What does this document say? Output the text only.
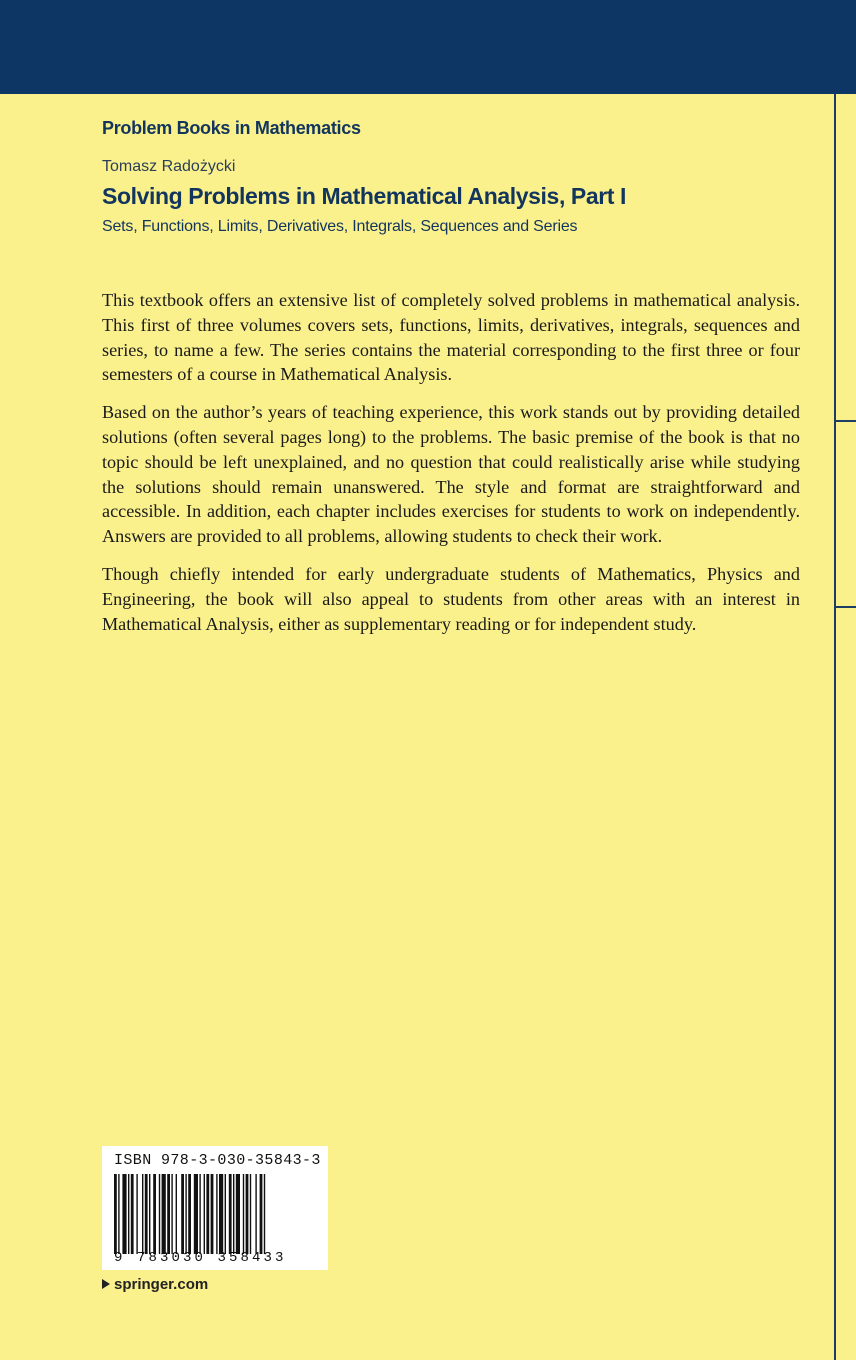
Problem Books in Mathematics
Tomasz Radożycki
Solving Problems in Mathematical Analysis, Part I
Sets, Functions, Limits, Derivatives, Integrals, Sequences and Series

This textbook offers an extensive list of completely solved problems in mathematical analysis. This first of three volumes covers sets, functions, limits, derivatives, integrals, sequences and series, to name a few. The series contains the material corresponding to the first three or four semesters of a course in Mathematical Analysis.

Based on the author’s years of teaching experience, this work stands out by providing detailed solutions (often several pages long) to the problems. The basic premise of the book is that no topic should be left unexplained, and no question that could realistically arise while studying the solutions should remain unanswered. The style and format are straightforward and accessible. In addition, each chapter includes exercises for students to work on independently. Answers are provided to all problems, allowing students to check their work.

Though chiefly intended for early undergraduate students of Mathematics, Physics and Engineering, the book will also appeal to students from other areas with an interest in Mathematical Analysis, either as supplementary reading or for independent study.

ISBN 978-3-030-35843-3
9 783030 358433
springer.com
